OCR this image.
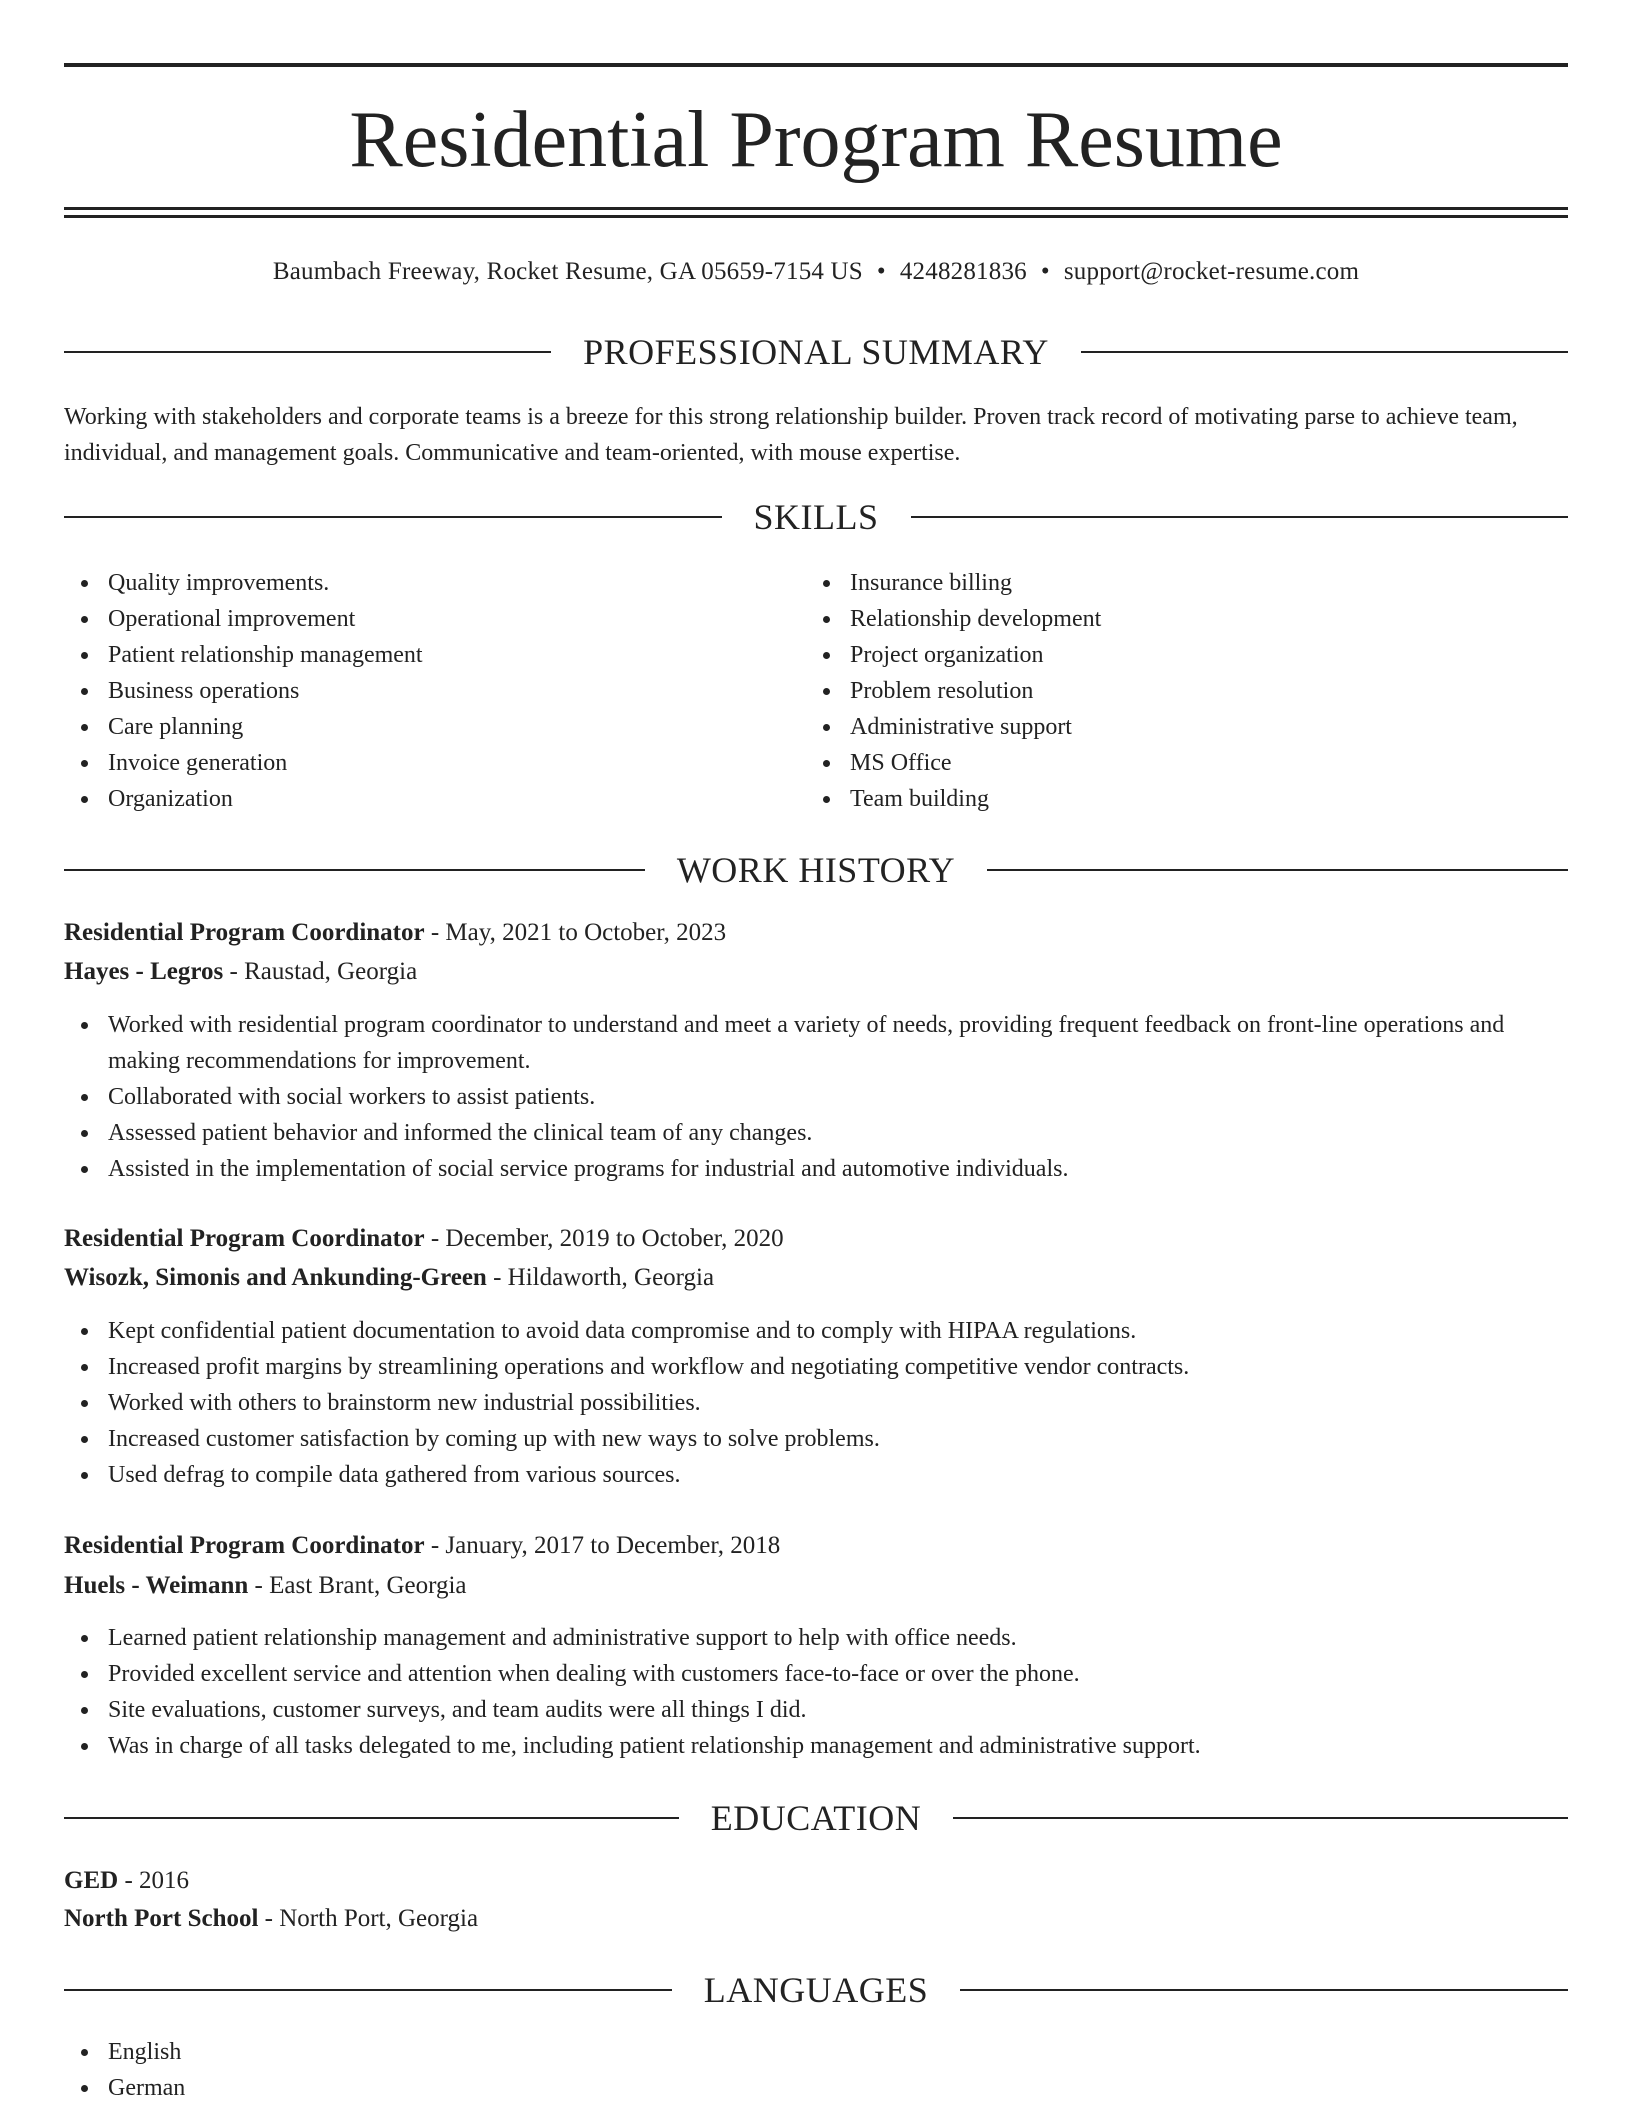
Residential Program Resume
Baumbach Freeway, Rocket Resume, GA 05659-7154 US • 4248281836 • support@rocket-resume.com
PROFESSIONAL SUMMARY
Working with stakeholders and corporate teams is a breeze for this strong relationship builder. Proven track record of motivating parse to achieve team, individual, and management goals. Communicative and team-oriented, with mouse expertise.
SKILLS
Quality improvements.
Operational improvement
Patient relationship management
Business operations
Care planning
Invoice generation
Organization
Insurance billing
Relationship development
Project organization
Problem resolution
Administrative support
MS Office
Team building
WORK HISTORY
Residential Program Coordinator - May, 2021 to October, 2023
Hayes - Legros - Raustad, Georgia
Worked with residential program coordinator to understand and meet a variety of needs, providing frequent feedback on front-line operations and making recommendations for improvement.
Collaborated with social workers to assist patients.
Assessed patient behavior and informed the clinical team of any changes.
Assisted in the implementation of social service programs for industrial and automotive individuals.
Residential Program Coordinator - December, 2019 to October, 2020
Wisozk, Simonis and Ankunding-Green - Hildaworth, Georgia
Kept confidential patient documentation to avoid data compromise and to comply with HIPAA regulations.
Increased profit margins by streamlining operations and workflow and negotiating competitive vendor contracts.
Worked with others to brainstorm new industrial possibilities.
Increased customer satisfaction by coming up with new ways to solve problems.
Used defrag to compile data gathered from various sources.
Residential Program Coordinator - January, 2017 to December, 2018
Huels - Weimann - East Brant, Georgia
Learned patient relationship management and administrative support to help with office needs.
Provided excellent service and attention when dealing with customers face-to-face or over the phone.
Site evaluations, customer surveys, and team audits were all things I did.
Was in charge of all tasks delegated to me, including patient relationship management and administrative support.
EDUCATION
GED - 2016
North Port School - North Port, Georgia
LANGUAGES
English
German
